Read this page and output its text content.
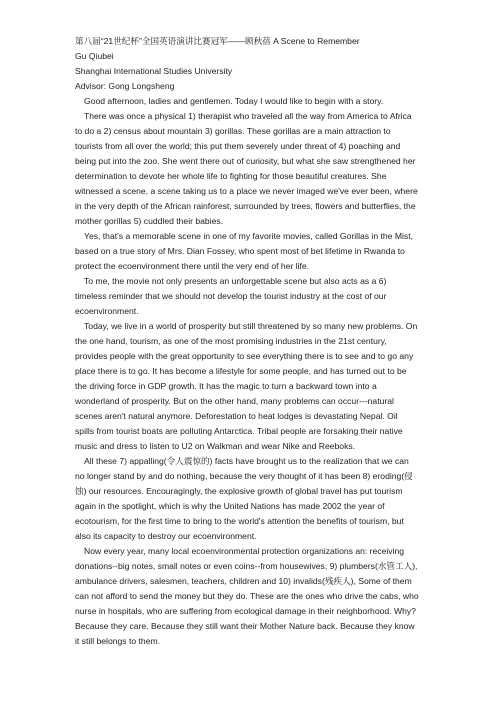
第八届“21世纪杯”全国英语演讲比赛冠军——顾秋蓓 A Scene to Remember

Gu Qiubei

Shanghai International Studies University

Advisor: Gong Longsheng

Good afternoon, ladies and gentlemen. Today I would like to begin with a story.

There was once a physical 1) therapist who traveled all the way from America to Africa to do a 2) census about mountain 3) gorillas. These gorillas are a main attraction to tourists from all over the world; this put them severely under threat of 4) poaching and being put into the zoo. She went there out of curiosity, but what she saw strengthened her determination to devote her whole life to fighting for those beautiful creatures. She witnessed a scene, a scene taking us to a place we never imaged we've ever been, where in the very depth of the African rainforest, surrounded by trees, flowers and butterflies, the mother gorillas 5) cuddled their babies.

Yes, that's a memorable scene in one of my favorite movies, called Gorillas in the Mist, based on a true story of Mrs. Dian Fossey, who spent most of bet lifetime in Rwanda to protect the ecoenvironment there until the very end of her life.

To me, the movie not only presents an unforgettable scene but also acts as a 6) timeless reminder that we should not develop the tourist industry at the cost of our ecoenvironment.

Today, we live in a world of prosperity but still threatened by so many new problems. On the one hand, tourism, as one of the most promising industries in the 21st century, provides people with the great opportunity to see everything there is to see and to go any place there is to go. It has become a lifestyle for some people, and has turned out to be the driving force in GDP growth. It has the magic to turn a backward town into a wonderland of prosperity. But on the other hand, many problems can occur---natural scenes aren't natural anymore. Deforestation to heat lodges is devastating Nepal. Oil spills from tourist boats are polluting Antarctica. Tribal people are forsaking their native music and dress to listen to U2 on Walkman and wear Nike and Reeboks.

All these 7) appalling(令人震惊的) facts have brought us to the realization that we can no longer stand by and do nothing, because the very thought of it has been 8) eroding(侵蚀) our resources. Encouragingly, the explosive growth of global travel has put tourism again in the spotlight, which is why the United Nations has made 2002 the year of ecotourism, for the first time to bring to the world's attention the benefits of tourism, but also its capacity to destroy our ecoenvironment.

Now every year, many local ecoenvironmental protection organizations an: receiving donations--big notes, small notes or even coins--from housewives, 9) plumbers(水管工人), ambulance drivers, salesmen, teachers, children and 10) invalids(残疾人), Some of them can not afford to send the money but they do. These are the ones who drive the cabs, who nurse in hospitals, who are suffering from ecological damage in their neighborhood. Why? Because they care. Because they still want their Mother Nature back. Because they know it still belongs to them.
